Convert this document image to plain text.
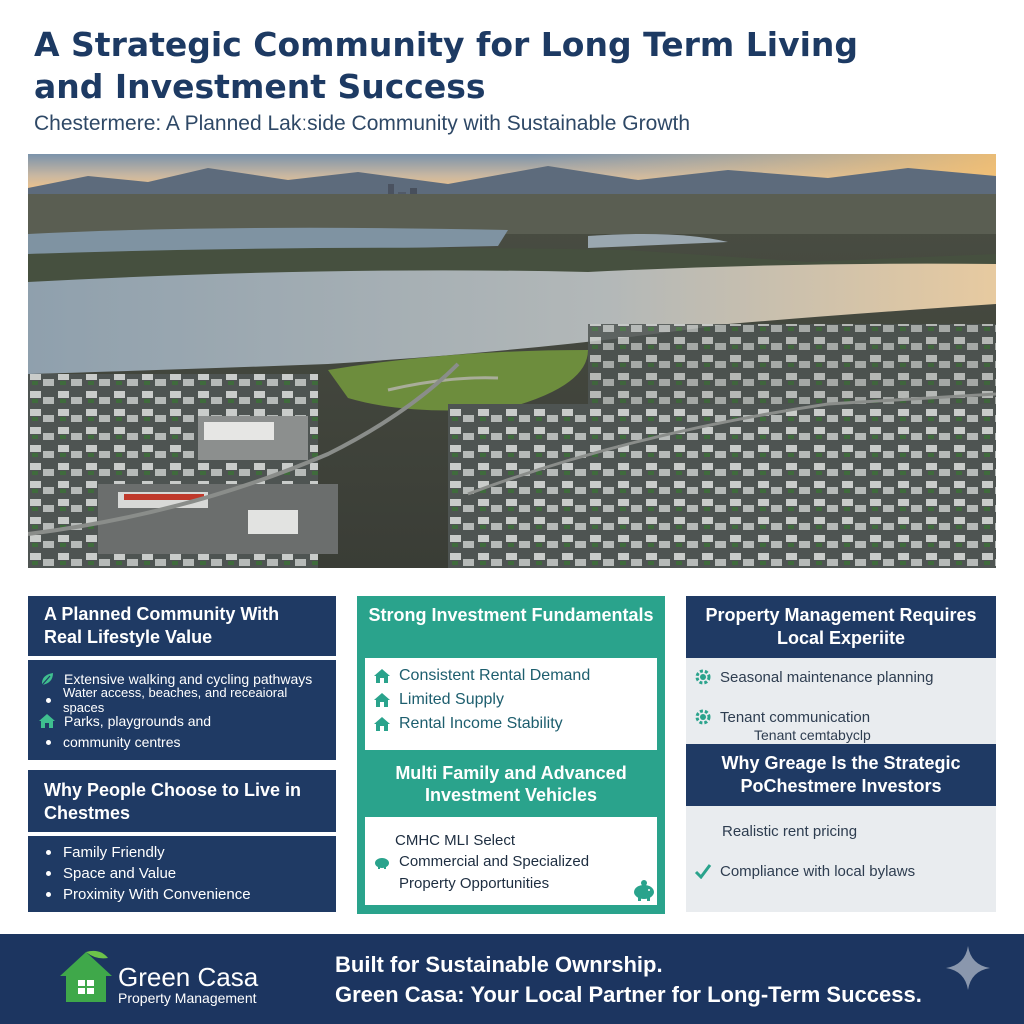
A Strategic Community for Long Term Living and Investment Success
Chestermere: A Planned Lakːside Community with Sustainable Growth
A Planned Community With Real Lifestyle Value
Extensive walking and cycling pathways
Water access, beaches, and receaioral spaces
Parks, playgrounds and
community centres
Why People Choose to Live in Chestmes
Family Friendly
Space and Value
Proximity With Convenience
Strong Investment Fundamentals
Consistent Rental Demand
Limited Supply
Rental Income Stability
Multi Family and Advanced Investment Vehicles
CMHC MLI Select
Commercial and Specialized Property Opportunities
Property Management Requires Local Experiite
Seasonal maintenance planning
Tenant communication
Tenant cemtabyclp
Why Greage Is the Strategic PoChestmere Investors
Realistic rent pricing
Compliance with local bylaws
Green Casa
Property Management
Built for Sustainable Ownrship.
Green Casa: Your Local Partner for Long-Term Success.
